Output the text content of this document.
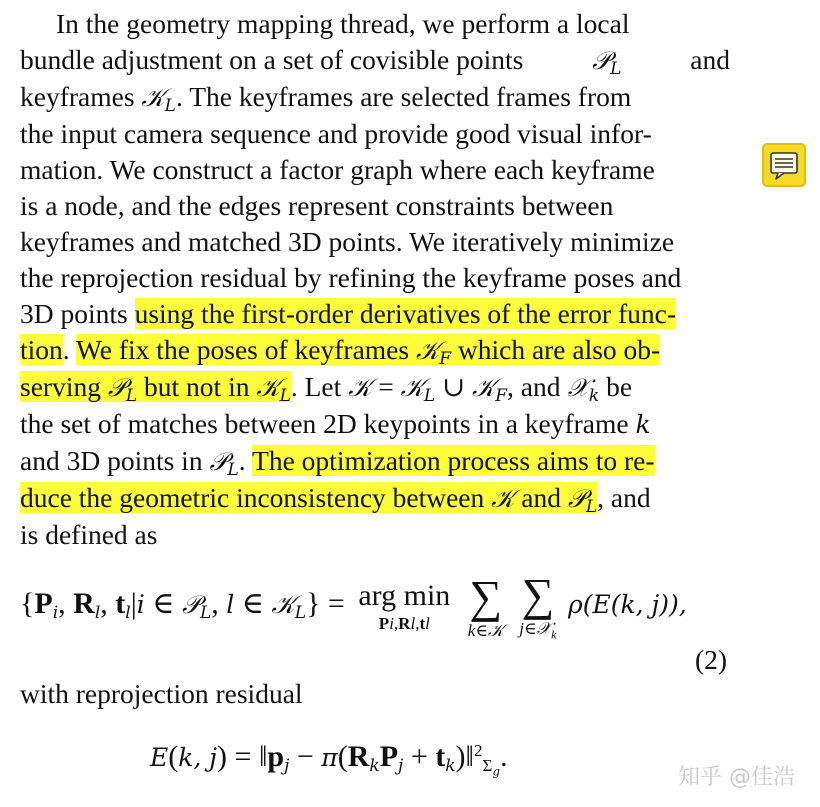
In the geometry mapping thread, we perform a local
bundle adjustment on a set of covisible points	𝒫$_L$	and
keyframes 𝒦$_L$. The keyframes are selected frames from
the input camera sequence and provide good visual infor-
mation. We construct a factor graph where each keyframe
is a node, and the edges represent constraints between
keyframes and matched 3D points. We iteratively minimize
the reprojection residual by refining the keyframe poses and
3D points using the first-order derivatives of the error func-
tion. We fix the poses of keyframes 𝒦$_F$ which are also ob-
serving 𝒫$_L$ but not in 𝒦$_L$. Let 𝒦 = 𝒦$_L$ ∪ 𝒦$_F$, and 𝒳$_k$ be
the set of matches between 2D keypoints in a keyframe k
and 3D points in 𝒫$_L$. The optimization process aims to re-
duce the geometric inconsistency between 𝒦 and 𝒫$_L$, and
is defined as
{$P_i$, $R_l$, $t_l|i$ ∈ 𝒫$_L$, l ∈ 𝒦$_L$} = arg min
Pi,Rl,tl

∑
k∈𝒦

∑
j∈𝒳$_k$
ρ(E(k, j)),
(2)
with reprojection residual
E(k, $j) = ‖p_j - \pi(R_kP_j$ + $t_k)‖^2_{\Sigma_g}$.
知乎 @佳浩
